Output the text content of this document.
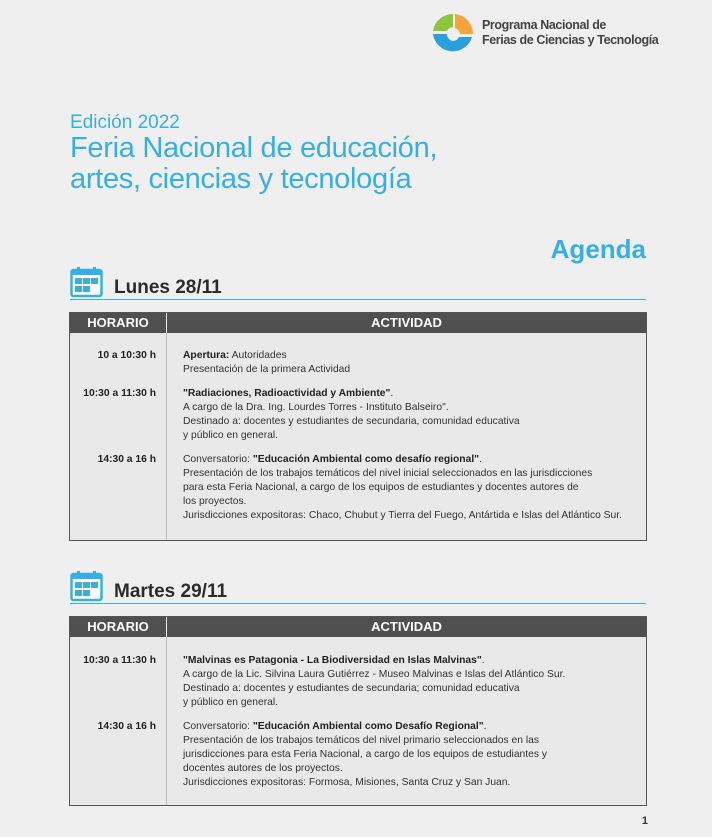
Programa Nacional de
Ferias de Ciencias y Tecnología
Edición 2022
Feria Nacional de educación,
artes, ciencias y tecnología
Agenda
Lunes 28/11
HORARIO	ACTIVIDAD
10 a 10:30 h	Apertura: Autoridades
Presentación de la primera Actividad
10:30 a 11:30 h	"Radiaciones, Radioactividad y Ambiente".
A cargo de la Dra. Ing. Lourdes Torres - Instituto Balseiro".
Destinado a: docentes y estudiantes de secundaria, comunidad educativa
y público en general.
14:30 a 16 h	Conversatorio: "Educación Ambiental como desafío regional".
Presentación de los trabajos temáticos del nivel inicial seleccionados en las jurisdicciones
para esta Feria Nacional, a cargo de los equipos de estudiantes y docentes autores de
los proyectos.
Jurisdicciones expositoras: Chaco, Chubut y Tierra del Fuego, Antártida e Islas del Atlántico Sur.
Martes 29/11
HORARIO	ACTIVIDAD
10:30 a 11:30 h	"Malvinas es Patagonia - La Biodiversidad en Islas Malvinas".
A cargo de la Lic. Silvina Laura Gutiérrez - Museo Malvinas e Islas del Atlántico Sur.
Destinado a: docentes y estudiantes de secundaria; comunidad educativa
y público en general.
14:30 a 16 h	Conversatorio: "Educación Ambiental como Desafío Regional".
Presentación de los trabajos temáticos del nivel primario seleccionados en las
jurisdicciones para esta Feria Nacional, a cargo de los equipos de estudiantes y
docentes autores de los proyectos.
Jurisdicciones expositoras: Formosa, Misiones, Santa Cruz y San Juan.
1
